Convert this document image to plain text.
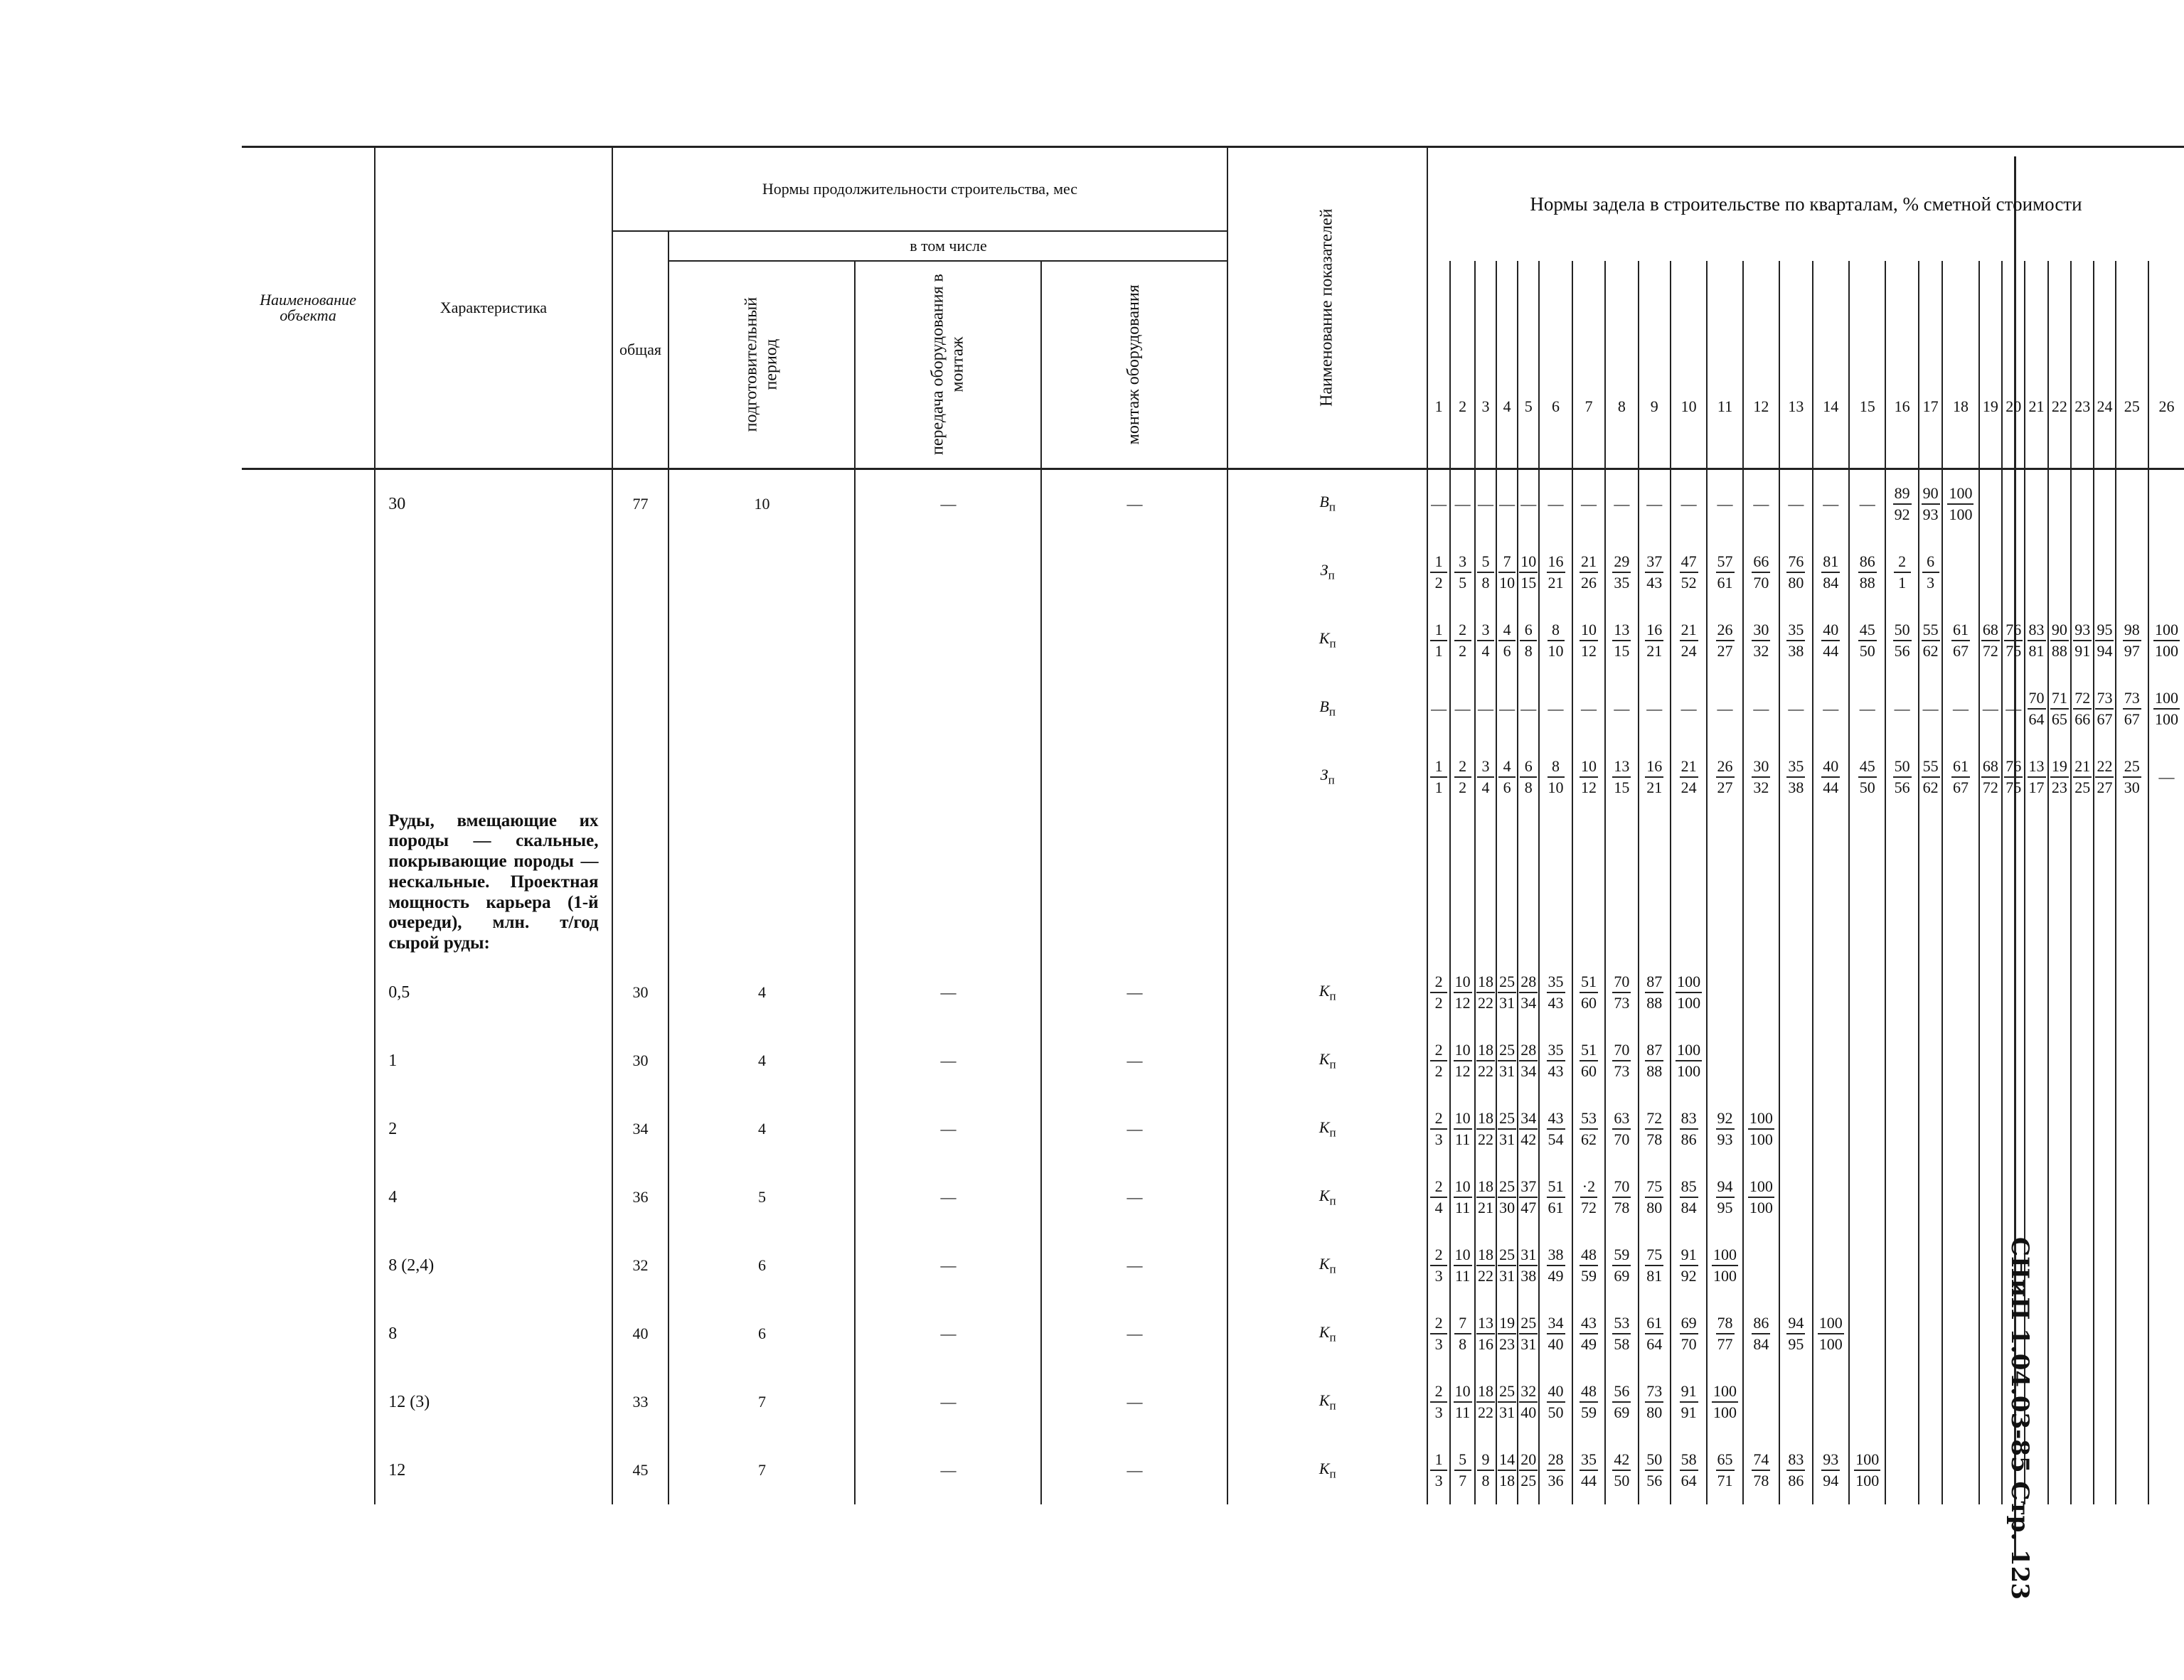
Наименование объекта	Характеристика	Нормы продолжительности строительства, мес				Наименование показателей	Нормы задела в строительстве по кварталам, % сметной стоимости																									
		общая	в том числе																													

			подготовительный период	передача оборудования в монтаж	монтаж оборудования		1	2	3	4	5	6	7	8	9	10	11	12	13	14	15	16	17	18	19	20	21	22	23	24	25	26
	30	77	10	—	—	$В_п$	—	—	—	—	—	—	—	—	—	—	—	—	—	—	—	$\frac{89}{92}$	$\frac{90}{93}$	$\frac{100}{100}$

						$З_п$	$\frac{1}{2}$	$\frac{3}{5}$	$\frac{5}{8}$	$\frac{7}{10}$	$\frac{10}{15}$	$\frac{16}{21}$	$\frac{21}{26}$	$\frac{29}{35}$	$\frac{37}{43}$	$\frac{47}{52}$	$\frac{57}{61}$	$\frac{66}{70}$	$\frac{76}{80}$	$\frac{81}{84}$	$\frac{86}{88}$	$\frac{2}{1}$	$\frac{6}{3}$

						$К_п$	$\frac{1}{1}$	$\frac{2}{2}$	$\frac{3}{4}$	$\frac{4}{6}$	$\frac{6}{8}$	$\frac{8}{10}$	$\frac{10}{12}$	$\frac{13}{15}$	$\frac{16}{21}$	$\frac{21}{24}$	$\frac{26}{27}$	$\frac{30}{32}$	$\frac{35}{38}$	$\frac{40}{44}$	$\frac{45}{50}$	$\frac{50}{56}$	$\frac{55}{62}$	$\frac{61}{67}$	$\frac{68}{72}$	$\frac{76}{75}$	$\frac{83}{81}$	$\frac{90}{88}$	$\frac{93}{91}$	$\frac{95}{94}$	$\frac{98}{97}$	$\frac{100}{100}$

						$В_п$	—	—	—	—	—	—	—	—	—	—	—	—	—	—	—	—	—	—	—	—	$\frac{70}{64}$	$\frac{71}{65}$	$\frac{72}{66}$	$\frac{73}{67}$	$\frac{73}{67}$	$\frac{100}{100}$

						$З_п$	$\frac{1}{1}$	$\frac{2}{2}$	$\frac{3}{4}$	$\frac{4}{6}$	$\frac{6}{8}$	$\frac{8}{10}$	$\frac{10}{12}$	$\frac{13}{15}$	$\frac{16}{21}$	$\frac{21}{24}$	$\frac{26}{27}$	$\frac{30}{32}$	$\frac{35}{38}$	$\frac{40}{44}$	$\frac{45}{50}$	$\frac{50}{56}$	$\frac{55}{62}$	$\frac{61}{67}$	$\frac{68}{72}$	$\frac{76}{75}$	$\frac{13}{17}$	$\frac{19}{23}$	$\frac{21}{25}$	$\frac{22}{27}$	$\frac{25}{30}$	—
	Руды, вмещающие их породы — скальные, покрывающие породы — нескальные. Проектная мощность карьера (1-й очереди), млн. т/год сырой руды:																															
	0,5	30	4	—	—	$К_п$	$\frac{2}{2}$	$\frac{10}{12}$	$\frac{18}{22}$	$\frac{25}{31}$	$\frac{28}{34}$	$\frac{35}{43}$	$\frac{51}{60}$	$\frac{70}{73}$	$\frac{87}{88}$	$\frac{100}{100}$

	1	30	4	—	—	$К_п$	$\frac{2}{2}$	$\frac{10}{12}$	$\frac{18}{22}$	$\frac{25}{31}$	$\frac{28}{34}$	$\frac{35}{43}$	$\frac{51}{60}$	$\frac{70}{73}$	$\frac{87}{88}$	$\frac{100}{100}$

	2	34	4	—	—	$К_п$	$\frac{2}{3}$	$\frac{10}{11}$	$\frac{18}{22}$	$\frac{25}{31}$	$\frac{34}{42}$	$\frac{43}{54}$	$\frac{53}{62}$	$\frac{63}{70}$	$\frac{72}{78}$	$\frac{83}{86}$	$\frac{92}{93}$	$\frac{100}{100}$

	4	36	5	—	—	$К_п$	$\frac{2}{4}$	$\frac{10}{11}$	$\frac{18}{21}$	$\frac{25}{30}$	$\frac{37}{47}$	$\frac{51}{61}$	$\frac{\cdot 2}{72}$	$\frac{70}{78}$	$\frac{75}{80}$	$\frac{85}{84}$	$\frac{94}{95}$	$\frac{100}{100}$

	8 (2,4)	32	6	—	—	$К_п$	$\frac{2}{3}$	$\frac{10}{11}$	$\frac{18}{22}$	$\frac{25}{31}$	$\frac{31}{38}$	$\frac{38}{49}$	$\frac{48}{59}$	$\frac{59}{69}$	$\frac{75}{81}$	$\frac{91}{92}$	$\frac{100}{100}$

	8	40	6	—	—	$К_п$	$\frac{2}{3}$	$\frac{7}{8}$	$\frac{13}{16}$	$\frac{19}{23}$	$\frac{25}{31}$	$\frac{34}{40}$	$\frac{43}{49}$	$\frac{53}{58}$	$\frac{61}{64}$	$\frac{69}{70}$	$\frac{78}{77}$	$\frac{86}{84}$	$\frac{94}{95}$	$\frac{100}{100}$

	12 (3)	33	7	—	—	$К_п$	$\frac{2}{3}$	$\frac{10}{11}$	$\frac{18}{22}$	$\frac{25}{31}$	$\frac{32}{40}$	$\frac{40}{50}$	$\frac{48}{59}$	$\frac{56}{69}$	$\frac{73}{80}$	$\frac{91}{91}$	$\frac{100}{100}$

	12	45	7	—	—	$К_п$	$\frac{1}{3}$	$\frac{5}{7}$	$\frac{9}{8}$	$\frac{14}{18}$	$\frac{20}{25}$	$\frac{28}{36}$	$\frac{35}{44}$	$\frac{42}{50}$	$\frac{50}{56}$	$\frac{58}{64}$	$\frac{65}{71}$	$\frac{74}{78}$	$\frac{83}{86}$	$\frac{93}{94}$	$\frac{100}{100}$
												СНиП 1.04.03-85 Стр. 123
